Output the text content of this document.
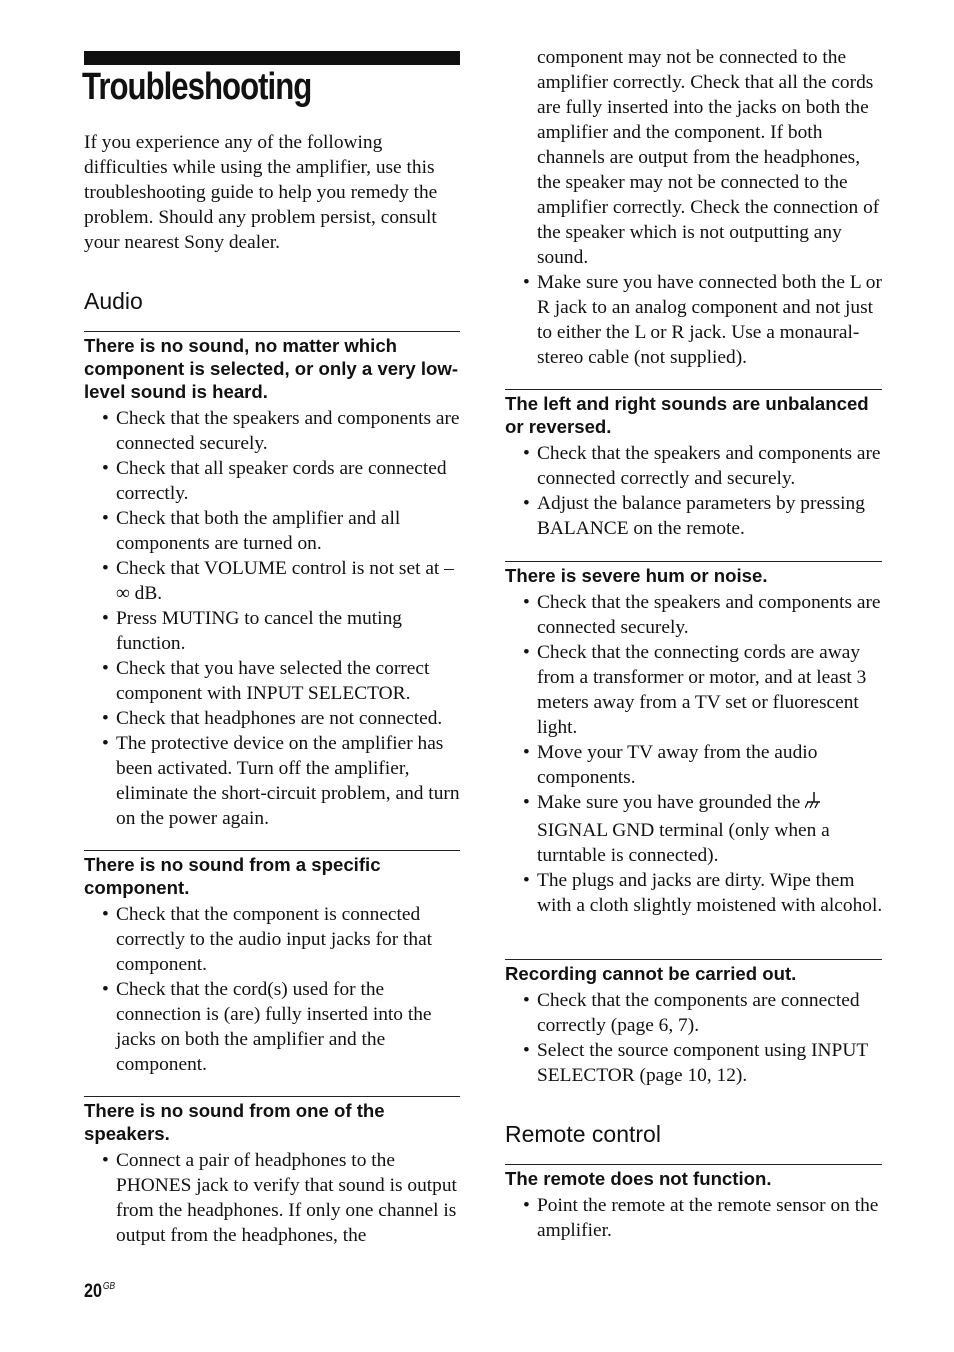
Troubleshooting

If you experience any of the following difficulties while using the amplifier, use this troubleshooting guide to help you remedy the problem. Should any problem persist, consult your nearest Sony dealer.

Audio
There is no sound, no matter which component is selected, or only a very low-level sound is heard.
• Check that the speakers and components are connected securely.
• Check that all speaker cords are connected correctly.
• Check that both the amplifier and all components are turned on.
• Check that VOLUME control is not set at –∞ dB.
• Press MUTING to cancel the muting function.
• Check that you have selected the correct component with INPUT SELECTOR.
• Check that headphones are not connected.
• The protective device on the amplifier has been activated. Turn off the amplifier, eliminate the short-circuit problem, and turn on the power again.
There is no sound from a specific component.
• Check that the component is connected correctly to the audio input jacks for that component.
• Check that the cord(s) used for the connection is (are) fully inserted into the jacks on both the amplifier and the component.
There is no sound from one of the speakers.
• Connect a pair of headphones to the PHONES jack to verify that sound is output from the headphones. If only one channel is output from the headphones, the
$20^{GB}$

component may not be connected to the amplifier correctly. Check that all the cords are fully inserted into the jacks on both the amplifier and the component. If both channels are output from the headphones, the speaker may not be connected to the amplifier correctly. Check the connection of the speaker which is not outputting any sound.

• Make sure you have connected both the L or R jack to an analog component and not just to either the L or R jack. Use a monaural-stereo cable (not supplied).
The left and right sounds are unbalanced or reversed.
• Check that the speakers and components are connected correctly and securely.
• Adjust the balance parameters by pressing BALANCE on the remote.
There is severe hum or noise.
• Check that the speakers and components are connected securely.
• Check that the connecting cords are away from a transformer or motor, and at least 3 meters away from a TV set or fluorescent light.
• Move your TV away from the audio components.
• Make sure you have grounded the  SIGNAL GND terminal (only when a turntable is connected).
• The plugs and jacks are dirty. Wipe them with a cloth slightly moistened with alcohol.
Recording cannot be carried out.
• Check that the components are connected correctly (page 6, 7).
• Select the source component using INPUT SELECTOR (page 10, 12).
Remote control
The remote does not function.
• Point the remote at the remote sensor on the amplifier.
